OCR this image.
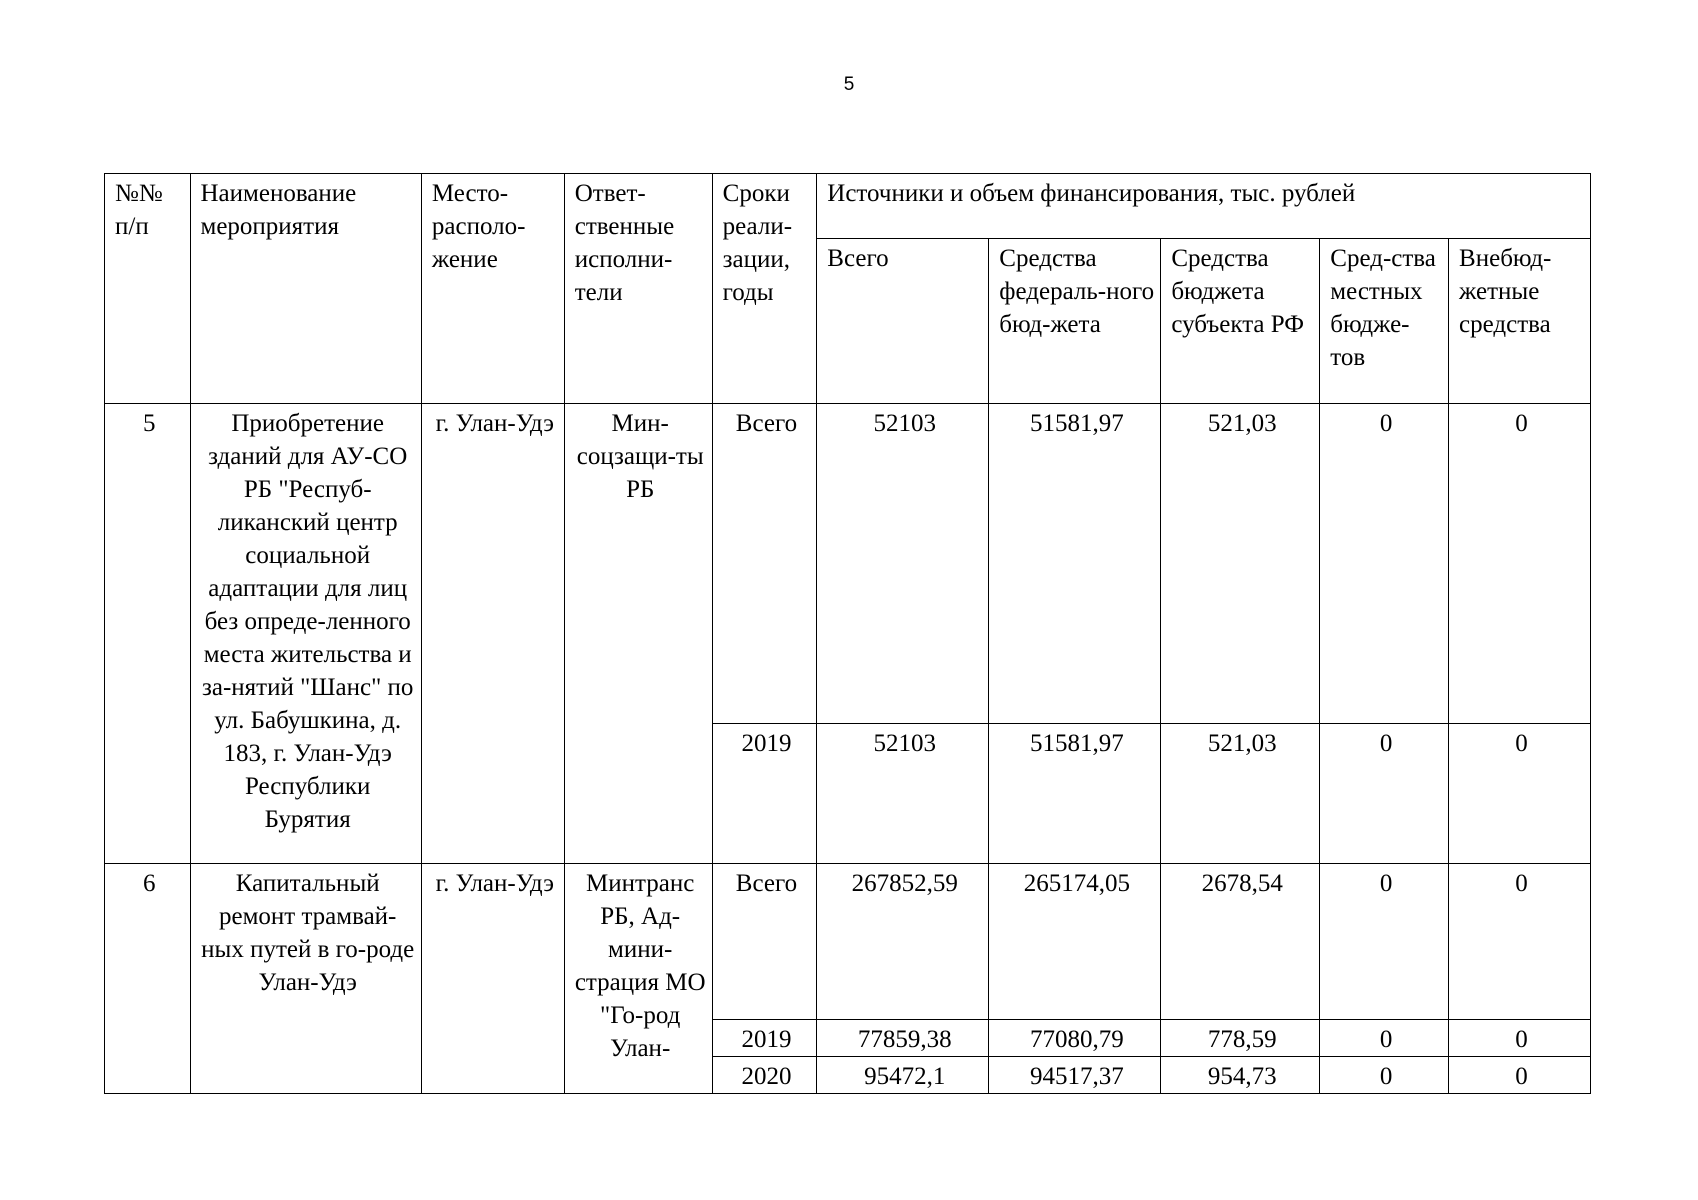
5
№№ п/п	Наименование мероприятия	Место-располо-жение	Ответ-ственные исполни-тели	Сроки реали-зации, годы	Источники и объем финансирования, тыс. рублей				
					Всего	Средства федераль-ного бюд-жета	Средства бюджета субъекта РФ	Сред-ства местных бюдже-тов	Внебюд-жетные средства
5	Приобретение зданий для АУ-СО РБ "Респуб-ликанский центр социальной адаптации для лиц без опреде-ленного места жительства и за-нятий "Шанс" по ул. Бабушкина, д. 183, г. Улан-Удэ Республики Бурятия	г. Улан-Удэ	Мин-соцзащи-ты РБ	Всего	52103	51581,97	521,03	0	0
				2019	52103	51581,97	521,03	0	0
6	Капитальный ремонт трамвай-ных путей в го-роде Улан-Удэ	г. Улан-Удэ	Минтранс РБ, Ад-мини-страция МО "Го-род Улан-	Всего	267852,59	265174,05	2678,54	0	0
				2019	77859,38	77080,79	778,59	0	0
				2020	95472,1	94517,37	954,73	0	0
